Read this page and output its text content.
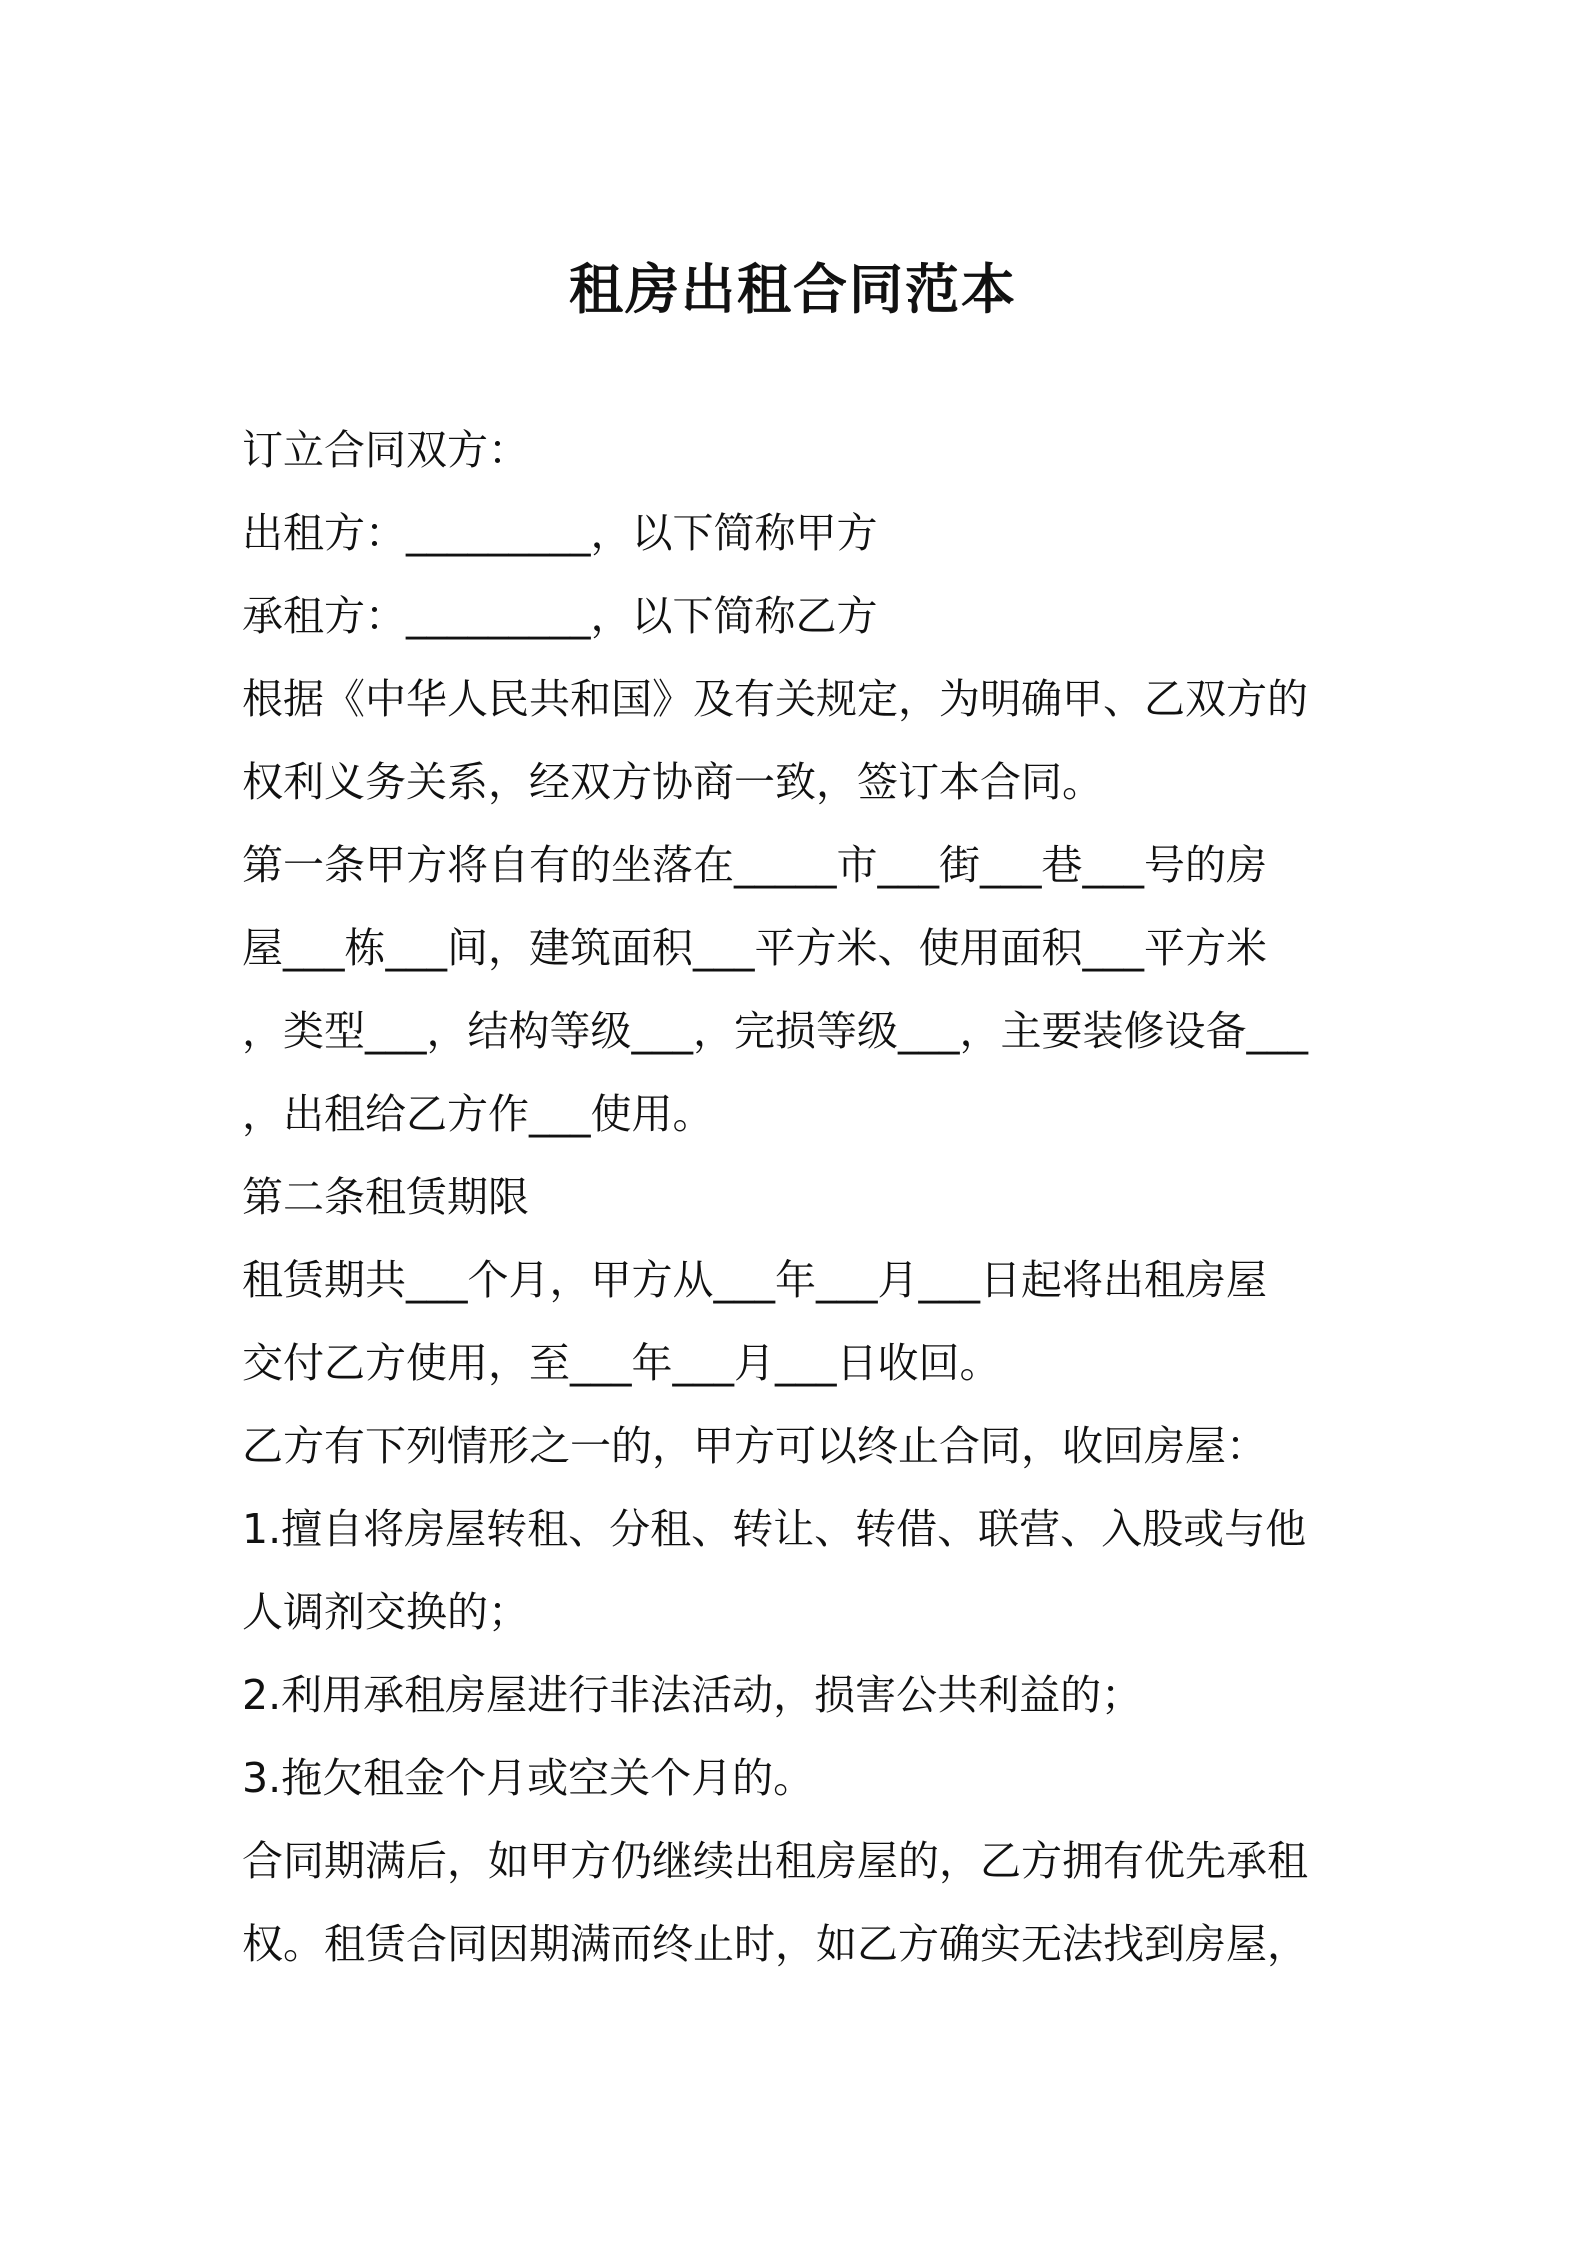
租房出租合同范本
订立合同双方：
出租方：_________，以下简称甲方
承租方：_________，以下简称乙方
根据《中华人民共和国》及有关规定，为明确甲、乙双方的
权利义务关系，经双方协商一致，签订本合同。
第一条甲方将自有的坐落在_____市___街___巷___号的房
屋___栋___间，建筑面积___平方米、使用面积___平方米
，类型___，结构等级___，完损等级___，主要装修设备___
，出租给乙方作___使用。
第二条租赁期限
租赁期共___个月，甲方从___年___月___日起将出租房屋
交付乙方使用，至___年___月___日收回。
乙方有下列情形之一的，甲方可以终止合同，收回房屋：
1.擅自将房屋转租、分租、转让、转借、联营、入股或与他
人调剂交换的；
2.利用承租房屋进行非法活动，损害公共利益的；
3.拖欠租金个月或空关个月的。
合同期满后，如甲方仍继续出租房屋的，乙方拥有优先承租
权。租赁合同因期满而终止时，如乙方确实无法找到房屋，
